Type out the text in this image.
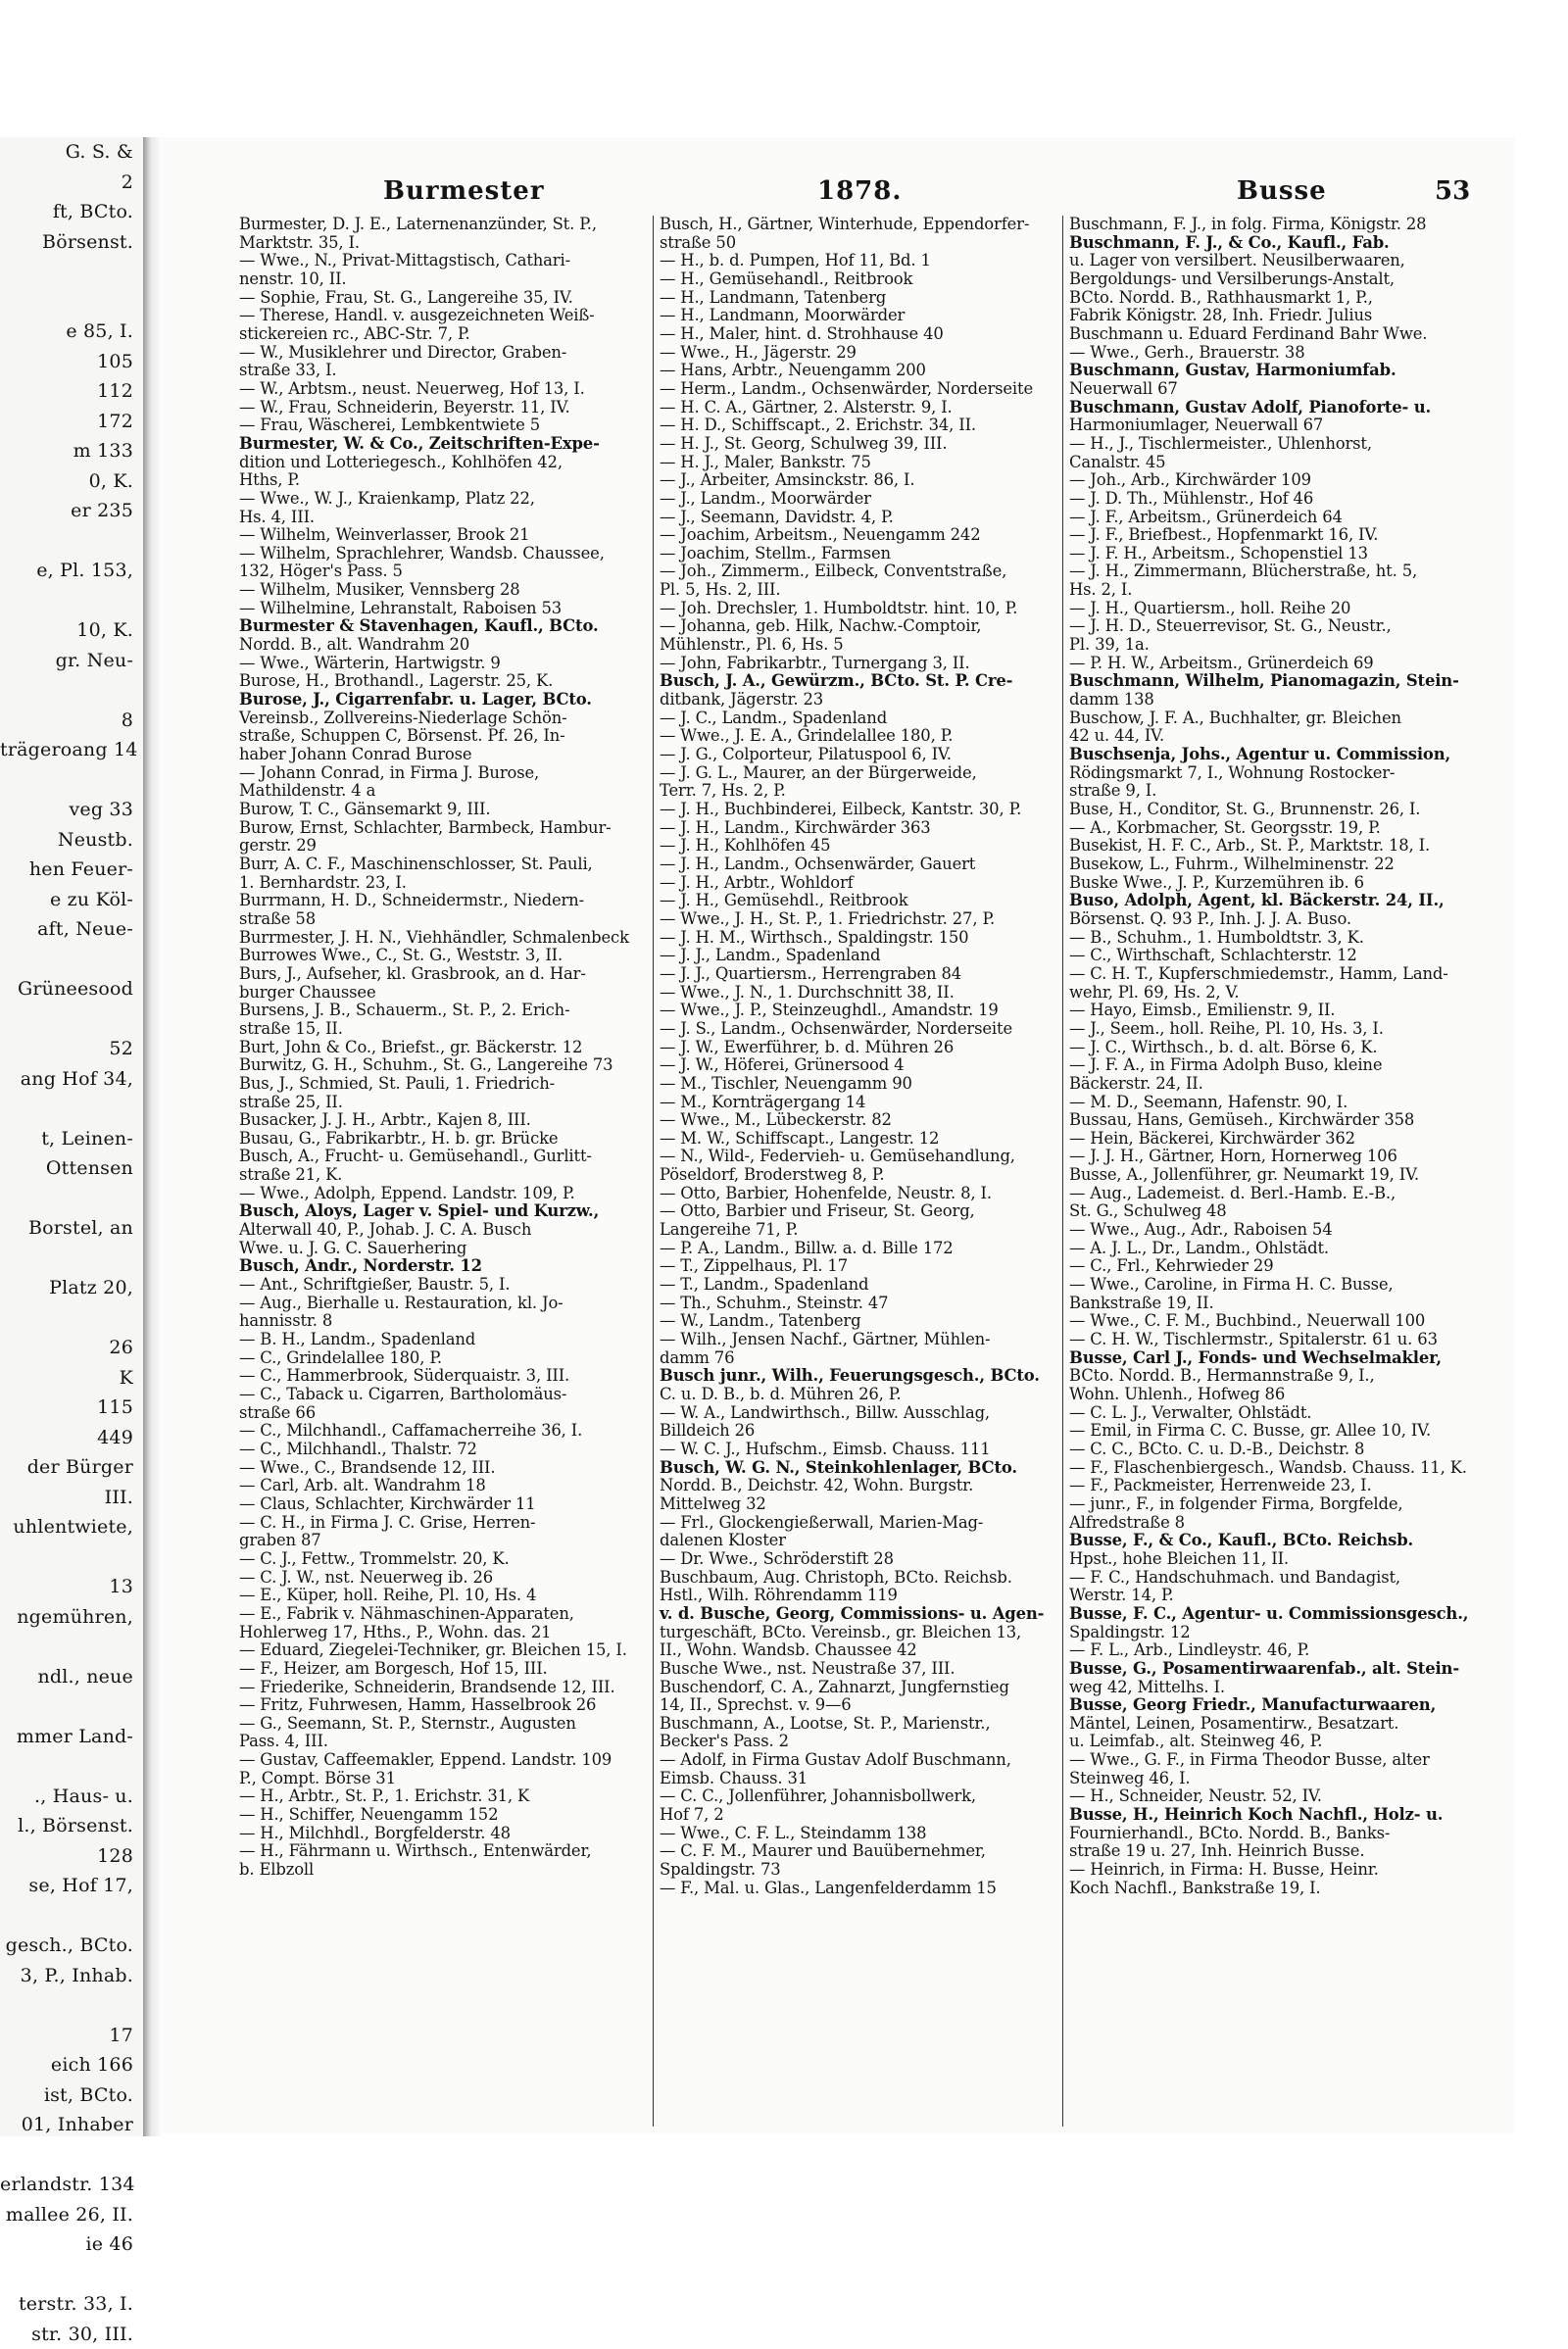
G. S. &
2
ft, BCto.
Börsenst.

e 85, I.
105
112
172
m 133
0, K.
er 235

e, Pl. 153,

10, K.
gr. Neu-

8
trägeroang 14

veg 33
Neustb.
hen Feuer-
e zu Köl-
aft, Neue-

Grüneesood

52
ang Hof 34,

t, Leinen-
Ottensen

Borstel, an

Platz 20,

26
K
115
449
der Bürger
III.
uhlentwiete,

13
ngemühren,

ndl., neue

mmer Land-

., Haus- u.
l., Börsenst.
128
se, Hof 17,

gesch., BCto.
3, P., Inhab.

17
eich 166
ist, BCto.
01, Inhaber

erlandstr. 134
mallee 26, II.
ie 46

terstr. 33, I.
str. 30, III.
Burmester	1878.	Busse	53
Burmester, D. J. E., Laternenanzünder, St. P.,
Marktstr. 35, I.
— Wwe., N., Privat-Mittagstisch, Cathari-
nenstr. 10, II.
— Sophie, Frau, St. G., Langereihe 35, IV.
— Therese, Handl. v. ausgezeichneten Weiß-
stickereien rc., ABC-Str. 7, P.
— W., Musiklehrer und Director, Graben-
straße 33, I.
— W., Arbtsm., neust. Neuerweg, Hof 13, I.
— W., Frau, Schneiderin, Beyerstr. 11, IV.
— Frau, Wäscherei, Lembkentwiete 5
Burmester, W. & Co., Zeitschriften-Expe-
dition und Lotteriegesch., Kohlhöfen 42,
Hths, P.
— Wwe., W. J., Kraienkamp, Platz 22,
Hs. 4, III.
— Wilhelm, Weinverlasser, Brook 21
— Wilhelm, Sprachlehrer, Wandsb. Chaussee,
132, Höger's Pass. 5
— Wilhelm, Musiker, Vennsberg 28
— Wilhelmine, Lehranstalt, Raboisen 53
Burmester & Stavenhagen, Kaufl., BCto.
Nordd. B., alt. Wandrahm 20
— Wwe., Wärterin, Hartwigstr. 9
Burose, H., Brothandl., Lagerstr. 25, K.
Burose, J., Cigarrenfabr. u. Lager, BCto.
Vereinsb., Zollvereins-Niederlage Schön-
straße, Schuppen C, Börsenst. Pf. 26, In-
haber Johann Conrad Burose
— Johann Conrad, in Firma J. Burose,
Mathildenstr. 4 a
Burow, T. C., Gänsemarkt 9, III.
Burow, Ernst, Schlachter, Barmbeck, Hambur-
gerstr. 29
Burr, A. C. F., Maschinenschlosser, St. Pauli,
1. Bernhardstr. 23, I.
Burrmann, H. D., Schneidermstr., Niedern-
straße 58
Burrmester, J. H. N., Viehhändler, Schmalenbeck
Burrowes Wwe., C., St. G., Weststr. 3, II.
Burs, J., Aufseher, kl. Grasbrook, an d. Har-
burger Chaussee
Bursens, J. B., Schauerm., St. P., 2. Erich-
straße 15, II.
Burt, John & Co., Briefst., gr. Bäckerstr. 12
Burwitz, G. H., Schuhm., St. G., Langereihe 73
Bus, J., Schmied, St. Pauli, 1. Friedrich-
straße 25, II.
Busacker, J. J. H., Arbtr., Kajen 8, III.
Busau, G., Fabrikarbtr., H. b. gr. Brücke
Busch, A., Frucht- u. Gemüsehandl., Gurlitt-
straße 21, K.
— Wwe., Adolph, Eppend. Landstr. 109, P.
Busch, Aloys, Lager v. Spiel- und Kurzw.,
Alterwall 40, P., Johab. J. C. A. Busch
Wwe. u. J. G. C. Sauerhering
Busch, Andr., Norderstr. 12
— Ant., Schriftgießer, Baustr. 5, I.
— Aug., Bierhalle u. Restauration, kl. Jo-
hannisstr. 8
— B. H., Landm., Spadenland
— C., Grindelallee 180, P.
— C., Hammerbrook, Süderquaistr. 3, III.
— C., Taback u. Cigarren, Bartholomäus-
straße 66
— C., Milchhandl., Caffamacherreihe 36, I.
— C., Milchhandl., Thalstr. 72
— Wwe., C., Brandsende 12, III.
— Carl, Arb. alt. Wandrahm 18
— Claus, Schlachter, Kirchwärder 11
— C. H., in Firma J. C. Grise, Herren-
graben 87
— C. J., Fettw., Trommelstr. 20, K.
— C. J. W., nst. Neuerweg ib. 26
— E., Küper, holl. Reihe, Pl. 10, Hs. 4
— E., Fabrik v. Nähmaschinen-Apparaten,
Hohlerweg 17, Hths., P., Wohn. das. 21
— Eduard, Ziegelei-Techniker, gr. Bleichen 15, I.
— F., Heizer, am Borgesch, Hof 15, III.
— Friederike, Schneiderin, Brandsende 12, III.
— Fritz, Fuhrwesen, Hamm, Hasselbrook 26
— G., Seemann, St. P., Sternstr., Augusten
Pass. 4, III.
— Gustav, Caffeemakler, Eppend. Landstr. 109
P., Compt. Börse 31
— H., Arbtr., St. P., 1. Erichstr. 31, K
— H., Schiffer, Neuengamm 152
— H., Milchhdl., Borgfelderstr. 48
— H., Fährmann u. Wirthsch., Entenwärder,
b. Elbzoll
Busch, H., Gärtner, Winterhude, Eppendorfer-
straße 50
— H., b. d. Pumpen, Hof 11, Bd. 1
— H., Gemüsehandl., Reitbrook
— H., Landmann, Tatenberg
— H., Landmann, Moorwärder
— H., Maler, hint. d. Strohhause 40
— Wwe., H., Jägerstr. 29
— Hans, Arbtr., Neuengamm 200
— Herm., Landm., Ochsenwärder, Norderseite
— H. C. A., Gärtner, 2. Alsterstr. 9, I.
— H. D., Schiffscapt., 2. Erichstr. 34, II.
— H. J., St. Georg, Schulweg 39, III.
— H. J., Maler, Bankstr. 75
— J., Arbeiter, Amsinckstr. 86, I.
— J., Landm., Moorwärder
— J., Seemann, Davidstr. 4, P.
— Joachim, Arbeitsm., Neuengamm 242
— Joachim, Stellm., Farmsen
— Joh., Zimmerm., Eilbeck, Conventstraße,
Pl. 5, Hs. 2, III.
— Joh. Drechsler, 1. Humboldtstr. hint. 10, P.
— Johanna, geb. Hilk, Nachw.-Comptoir,
Mühlenstr., Pl. 6, Hs. 5
— John, Fabrikarbtr., Turnergang 3, II.
Busch, J. A., Gewürzm., BCto. St. P. Cre-
ditbank, Jägerstr. 23
— J. C., Landm., Spadenland
— Wwe., J. E. A., Grindelallee 180, P.
— J. G., Colporteur, Pilatuspool 6, IV.
— J. G. L., Maurer, an der Bürgerweide,
Terr. 7, Hs. 2, P.
— J. H., Buchbinderei, Eilbeck, Kantstr. 30, P.
— J. H., Landm., Kirchwärder 363
— J. H., Kohlhöfen 45
— J. H., Landm., Ochsenwärder, Gauert
— J. H., Arbtr., Wohldorf
— J. H., Gemüsehdl., Reitbrook
— Wwe., J. H., St. P., 1. Friedrichstr. 27, P.
— J. H. M., Wirthsch., Spaldingstr. 150
— J. J., Landm., Spadenland
— J. J., Quartiersm., Herrengraben 84
— Wwe., J. N., 1. Durchschnitt 38, II.
— Wwe., J. P., Steinzeughdl., Amandstr. 19
— J. S., Landm., Ochsenwärder, Norderseite
— J. W., Ewerführer, b. d. Mühren 26
— J. W., Höferei, Grünersood 4
— M., Tischler, Neuengamm 90
— M., Kornträgergang 14
— Wwe., M., Lübeckerstr. 82
— M. W., Schiffscapt., Langestr. 12
— N., Wild-, Federvieh- u. Gemüsehandlung,
Pöseldorf, Broderstweg 8, P.
— Otto, Barbier, Hohenfelde, Neustr. 8, I.
— Otto, Barbier und Friseur, St. Georg,
Langereihe 71, P.
— P. A., Landm., Billw. a. d. Bille 172
— T., Zippelhaus, Pl. 17
— T., Landm., Spadenland
— Th., Schuhm., Steinstr. 47
— W., Landm., Tatenberg
— Wilh., Jensen Nachf., Gärtner, Mühlen-
damm 76
Busch junr., Wilh., Feuerungsgesch., BCto.
C. u. D. B., b. d. Mühren 26, P.
— W. A., Landwirthsch., Billw. Ausschlag,
Billdeich 26
— W. C. J., Hufschm., Eimsb. Chauss. 111
Busch, W. G. N., Steinkohlenlager, BCto.
Nordd. B., Deichstr. 42, Wohn. Burgstr.
Mittelweg 32
— Frl., Glockengießerwall, Marien-Mag-
dalenen Kloster
— Dr. Wwe., Schröderstift 28
Buschbaum, Aug. Christoph, BCto. Reichsb.
Hstl., Wilh. Röhrendamm 119
v. d. Busche, Georg, Commissions- u. Agen-
turgeschäft, BCto. Vereinsb., gr. Bleichen 13,
II., Wohn. Wandsb. Chaussee 42
Busche Wwe., nst. Neustraße 37, III.
Buschendorf, C. A., Zahnarzt, Jungfernstieg
14, II., Sprechst. v. 9—6
Buschmann, A., Lootse, St. P., Marienstr.,
Becker's Pass. 2
— Adolf, in Firma Gustav Adolf Buschmann,
Eimsb. Chauss. 31
— C. C., Jollenführer, Johannisbollwerk,
Hof 7, 2
— Wwe., C. F. L., Steindamm 138
— C. F. M., Maurer und Bauübernehmer,
Spaldingstr. 73
— F., Mal. u. Glas., Langenfelderdamm 15
Buschmann, F. J., in folg. Firma, Königstr. 28
Buschmann, F. J., & Co., Kaufl., Fab.
u. Lager von versilbert. Neusilberwaaren,
Bergoldungs- und Versilberungs-Anstalt,
BCto. Nordd. B., Rathhausmarkt 1, P.,
Fabrik Königstr. 28, Inh. Friedr. Julius
Buschmann u. Eduard Ferdinand Bahr Wwe.
— Wwe., Gerh., Brauerstr. 38
Buschmann, Gustav, Harmoniumfab.
Neuerwall 67
Buschmann, Gustav Adolf, Pianoforte- u.
Harmoniumlager, Neuerwall 67
— H., J., Tischlermeister., Uhlenhorst,
Canalstr. 45
— Joh., Arb., Kirchwärder 109
— J. D. Th., Mühlenstr., Hof 46
— J. F., Arbeitsm., Grünerdeich 64
— J. F., Briefbest., Hopfenmarkt 16, IV.
— J. F. H., Arbeitsm., Schopenstiel 13
— J. H., Zimmermann, Blücherstraße, ht. 5,
Hs. 2, I.
— J. H., Quartiersm., holl. Reihe 20
— J. H. D., Steuerrevisor, St. G., Neustr.,
Pl. 39, 1a.
— P. H. W., Arbeitsm., Grünerdeich 69
Buschmann, Wilhelm, Pianomagazin, Stein-
damm 138
Buschow, J. F. A., Buchhalter, gr. Bleichen
42 u. 44, IV.
Buschsenja, Johs., Agentur u. Commission,
Rödingsmarkt 7, I., Wohnung Rostocker-
straße 9, I.
Buse, H., Conditor, St. G., Brunnenstr. 26, I.
— A., Korbmacher, St. Georgsstr. 19, P.
Busekist, H. F. C., Arb., St. P., Marktstr. 18, I.
Busekow, L., Fuhrm., Wilhelminenstr. 22
Buske Wwe., J. P., Kurzemühren ib. 6
Buso, Adolph, Agent, kl. Bäckerstr. 24, II.,
Börsenst. Q. 93 P., Inh. J. J. A. Buso.
— B., Schuhm., 1. Humboldtstr. 3, K.
— C., Wirthschaft, Schlachterstr. 12
— C. H. T., Kupferschmiedemstr., Hamm, Land-
wehr, Pl. 69, Hs. 2, V.
— Hayo, Eimsb., Emilienstr. 9, II.
— J., Seem., holl. Reihe, Pl. 10, Hs. 3, I.
— J. C., Wirthsch., b. d. alt. Börse 6, K.
— J. F. A., in Firma Adolph Buso, kleine
Bäckerstr. 24, II.
— M. D., Seemann, Hafenstr. 90, I.
Bussau, Hans, Gemüseh., Kirchwärder 358
— Hein, Bäckerei, Kirchwärder 362
— J. J. H., Gärtner, Horn, Hornerweg 106
Busse, A., Jollenführer, gr. Neumarkt 19, IV.
— Aug., Lademeist. d. Berl.-Hamb. E.-B.,
St. G., Schulweg 48
— Wwe., Aug., Adr., Raboisen 54
— A. J. L., Dr., Landm., Ohlstädt.
— C., Frl., Kehrwieder 29
— Wwe., Caroline, in Firma H. C. Busse,
Bankstraße 19, II.
— Wwe., C. F. M., Buchbind., Neuerwall 100
— C. H. W., Tischlermstr., Spitalerstr. 61 u. 63
Busse, Carl J., Fonds- und Wechselmakler,
BCto. Nordd. B., Hermannstraße 9, I.,
Wohn. Uhlenh., Hofweg 86
— C. L. J., Verwalter, Ohlstädt.
— Emil, in Firma C. C. Busse, gr. Allee 10, IV.
— C. C., BCto. C. u. D.-B., Deichstr. 8
— F., Flaschenbiergesch., Wandsb. Chauss. 11, K.
— F., Packmeister, Herrenweide 23, I.
— junr., F., in folgender Firma, Borgfelde,
Alfredstraße 8
Busse, F., & Co., Kaufl., BCto. Reichsb.
Hpst., hohe Bleichen 11, II.
— F. C., Handschuhmach. und Bandagist,
Werstr. 14, P.
Busse, F. C., Agentur- u. Commissionsgesch.,
Spaldingstr. 12
— F. L., Arb., Lindleystr. 46, P.
Busse, G., Posamentirwaarenfab., alt. Stein-
weg 42, Mittelhs. I.
Busse, Georg Friedr., Manufacturwaaren,
Mäntel, Leinen, Posamentirw., Besatzart.
u. Leimfab., alt. Steinweg 46, P.
— Wwe., G. F., in Firma Theodor Busse, alter
Steinweg 46, I.
— H., Schneider, Neustr. 52, IV.
Busse, H., Heinrich Koch Nachfl., Holz- u.
Fournierhandl., BCto. Nordd. B., Banks-
straße 19 u. 27, Inh. Heinrich Busse.
— Heinrich, in Firma: H. Busse, Heinr.
Koch Nachfl., Bankstraße 19, I.
